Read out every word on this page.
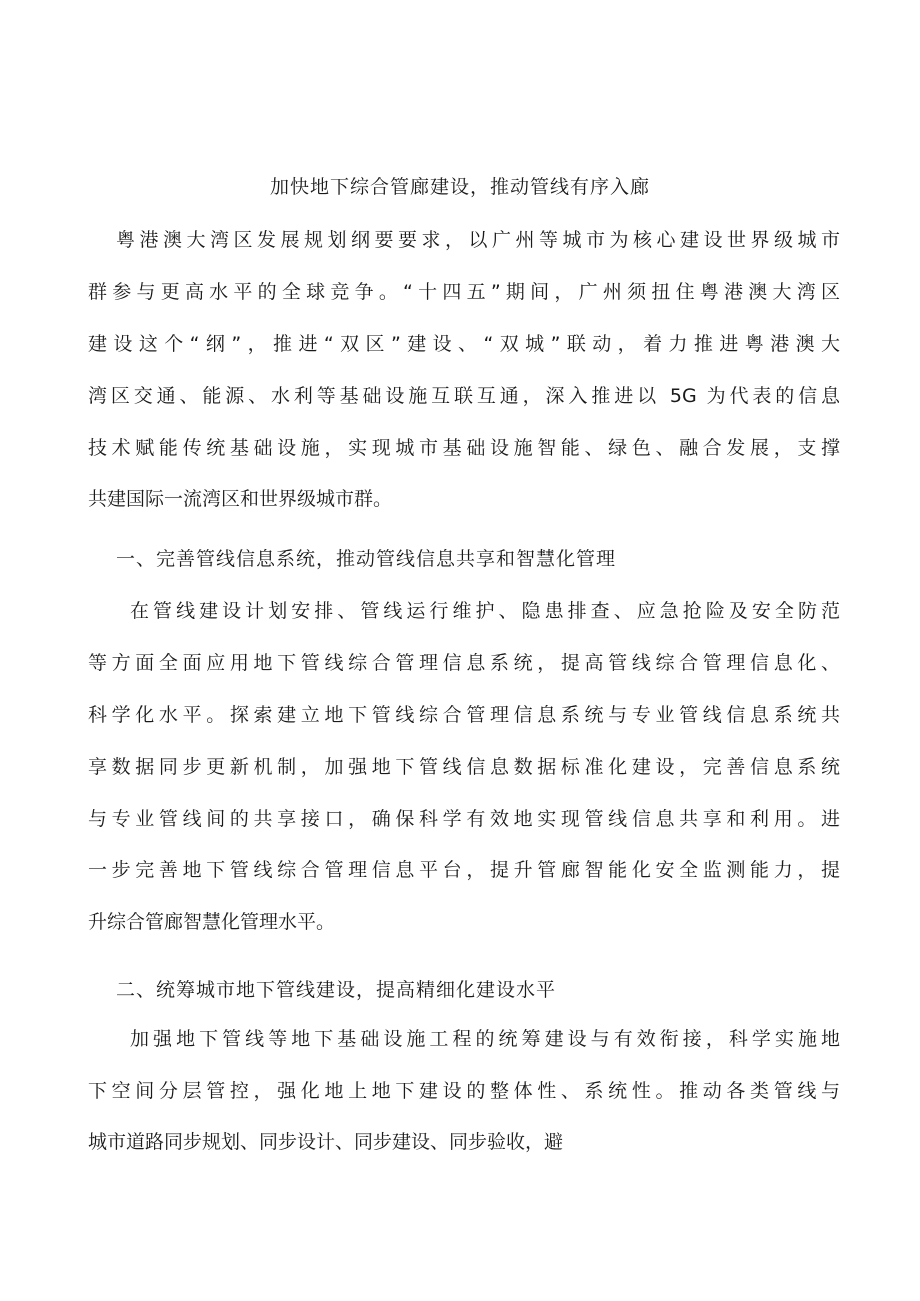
加快地下综合管廊建设，推动管线有序入廊
粤港澳大湾区发展规划纲要要求，以广州等城市为核心建设世界级城市
群参与更高水平的全球竞争。“十四五”期间，广州须扭住粤港澳大湾区
建设这个“纲”，推进“双区”建设、“双城”联动，着力推进粤港澳大
湾区交通、能源、水利等基础设施互联互通，深入推进以 5G 为代表的信息
技术赋能传统基础设施，实现城市基础设施智能、绿色、融合发展，支撑
共建国际一流湾区和世界级城市群。
一、完善管线信息系统，推动管线信息共享和智慧化管理
在管线建设计划安排、管线运行维护、隐患排查、应急抢险及安全防范
等方面全面应用地下管线综合管理信息系统，提高管线综合管理信息化、
科学化水平。探索建立地下管线综合管理信息系统与专业管线信息系统共
享数据同步更新机制，加强地下管线信息数据标准化建设，完善信息系统
与专业管线间的共享接口，确保科学有效地实现管线信息共享和利用。进
一步完善地下管线综合管理信息平台，提升管廊智能化安全监测能力，提
升综合管廊智慧化管理水平。
二、统筹城市地下管线建设，提高精细化建设水平
加强地下管线等地下基础设施工程的统筹建设与有效衔接，科学实施地
下空间分层管控，强化地上地下建设的整体性、系统性。推动各类管线与
城市道路同步规划、同步设计、同步建设、同步验收，避
